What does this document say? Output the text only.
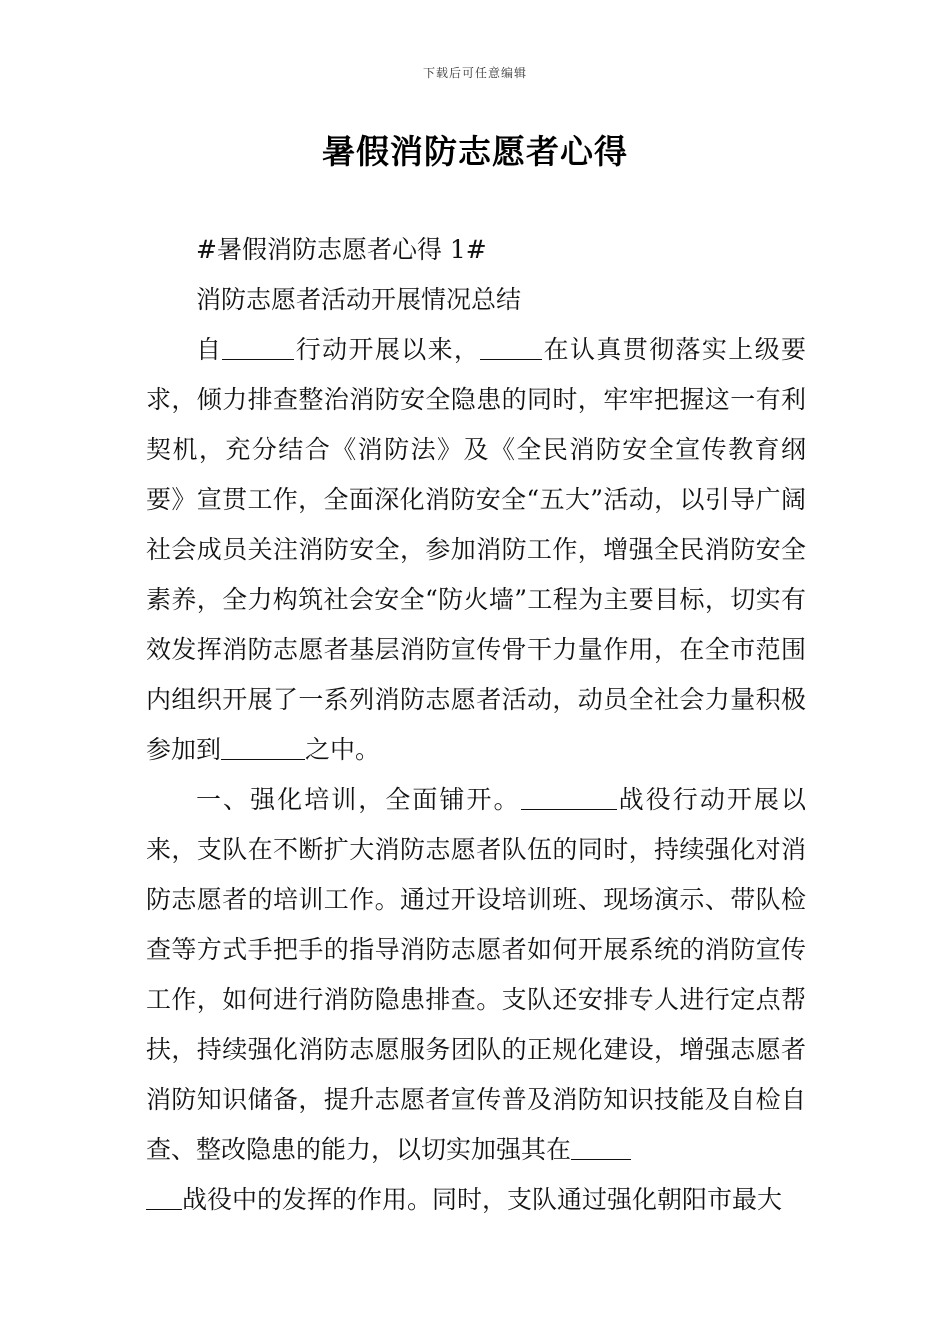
下载后可任意编辑
暑假消防志愿者心得

#暑假消防志愿者心得 1#

消防志愿者活动开展情况总结

自	行动开展以来， 在认真贯彻落实上级要求，倾力排查整治消防安全隐患的同时，牢牢把握这一有利契机，充分结合《消防法》及《全民消防安全宣传教育纲要》宣贯工作，全面深化消防安全“五大”活动，以引导广阔社会成员关注消防安全，参加消防工作，增强全民消防安全素养，全力构筑社会安全“防火墙”工程为主要目标，切实有效发挥消防志愿者基层消防宣传骨干力量作用，在全市范围内组织开展了一系列消防志愿者活动，动员全社会力量积极参加到	之中。

一、强化培训，全面铺开。	战役行动开展以来，支队在不断扩大消防志愿者队伍的同时，持续强化对消防志愿者的培训工作。通过开设培训班、现场演示、带队检查等方式手把手的指导消防志愿者如何开展系统的消防宣传工作，如何进行消防隐患排查。支队还安排专人进行定点帮扶，持续强化消防志愿服务团队的正规化建设，增强志愿者消防知识储备，提升志愿者宣传普及消防知识技能及自检自查、整改隐患的能力，以切实加强其在
战役中的发挥的作用。同时，支队通过强化朝阳市最大
